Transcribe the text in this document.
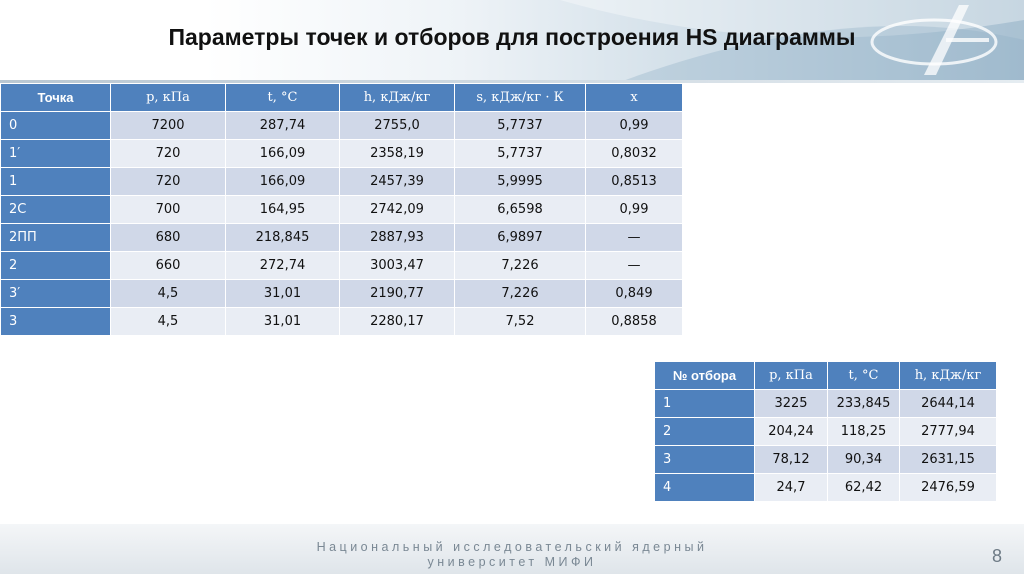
Параметры точек и отборов для построения HS диаграммы
Точка	p, кПа	t, °C	h, кДж/кг	s, кДж/кг · К	x
0	7200	287,74	2755,0	5,7737	0,99
1′	720	166,09	2358,19	5,7737	0,8032
1	720	166,09	2457,39	5,9995	0,8513
2С	700	164,95	2742,09	6,6598	0,99
2ПП	680	218,845	2887,93	6,9897	—
2	660	272,74	3003,47	7,226	—
3′	4,5	31,01	2190,77	7,226	0,849
3	4,5	31,01	2280,17	7,52	0,8858
№ отбора	p, кПа	t, °C	h, кДж/кг
1	3225	233,845	2644,14
2	204,24	118,25	2777,94
3	78,12	90,34	2631,15
4	24,7	62,42	2476,59
Национальный исследовательский ядерный
университет МИФИ	8
